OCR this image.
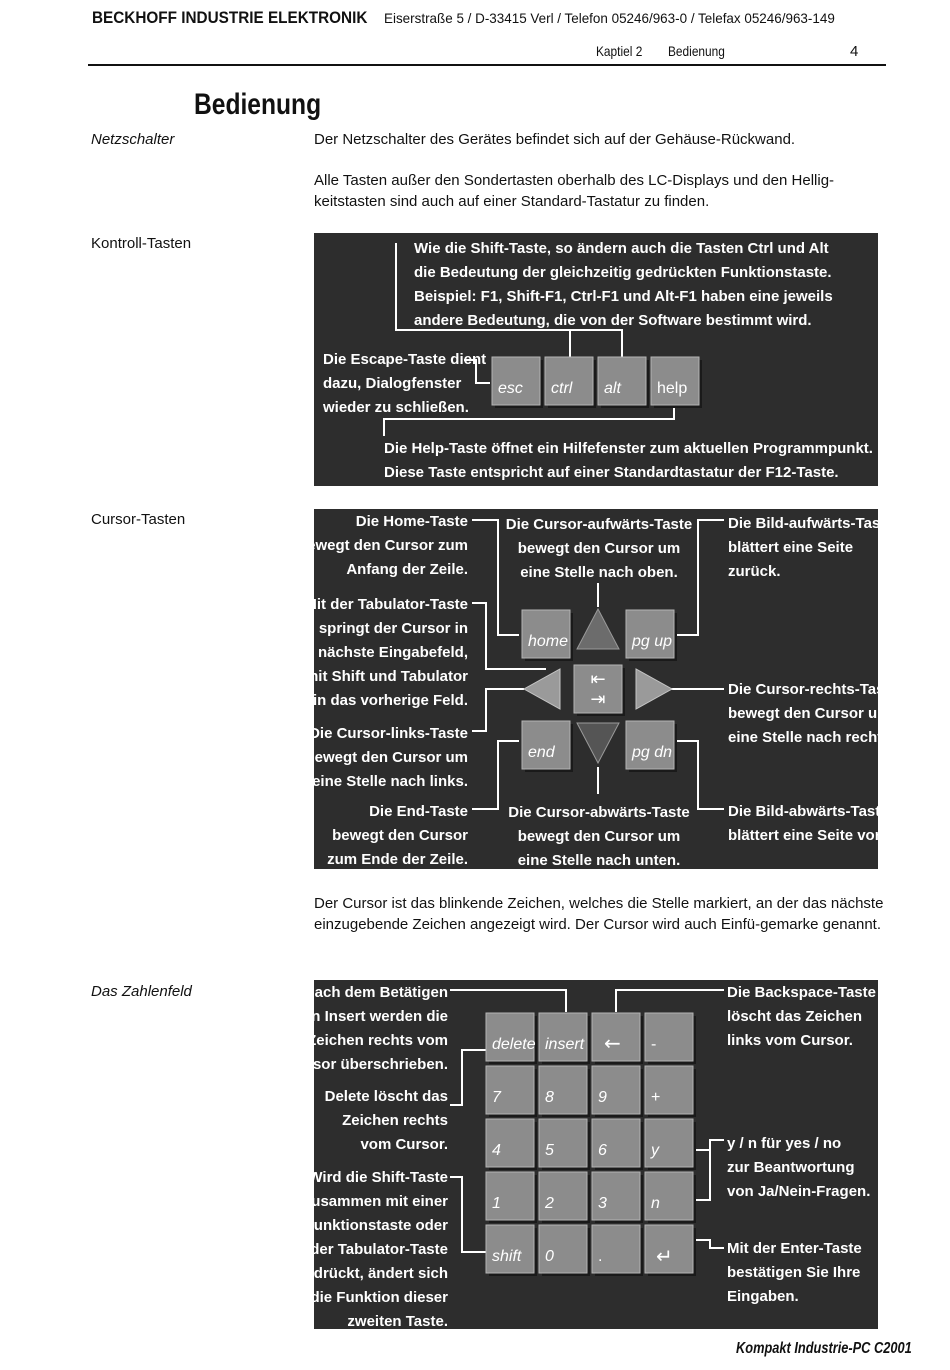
BECKHOFF INDUSTRIE ELEKTRONIK Eiserstraße 5 / D-33415 Verl / Telefon 05246/963-0 / Telefax 05246/963-149
Kaptiel 2 Bedienung	4
Bedienung
Netzschalter	Der Netzschalter des Gerätes befindet sich auf der Gehäuse-Rückwand.
Alle Tasten außer den Sondertasten oberhalb des LC-Displays und den Hellig-keitstasten sind auch auf einer Standard-Tastatur zu finden.
Kontroll-Tasten	Wie die Shift-Taste, so ändern auch die Tasten Ctrl und Alt die Bedeutung der gleichzeitig gedrückten Funktionstaste. Beispiel: F1, Shift-F1, Ctrl-F1 und Alt-F1 haben eine jeweils andere Bedeutung, die von der Software bestimmt wird.
Die Escape-Taste dient dazu, Dialogfenster wieder zu schließen.
Die Help-Taste öffnet ein Hilfefenster zum aktuellen Programmpunkt. Diese Taste entspricht auf einer Standardtastatur der F12-Taste.
esc ctrl alt help
Cursor-Tasten	Die Home-Taste bewegt den Cursor zum Anfang der Zeile.
Mit der Tabulator-Taste springt der Cursor in das nächste Eingabefeld, mit Shift und Tabulator in das vorherige Feld.
Die Cursor-links-Taste bewegt den Cursor um eine Stelle nach links.
Die End-Taste bewegt den Cursor zum Ende der Zeile.
Die Cursor-aufwärts-Taste bewegt den Cursor um eine Stelle nach oben.
Die Cursor-abwärts-Taste bewegt den Cursor um eine Stelle nach unten.
Die Bild-aufwärts-Taste blättert eine Seite zurück.
Die Cursor-rechts-Taste bewegt den Cursor um eine Stelle nach rechts.
Die Bild-abwärts-Taste blättert eine Seite vor.
home	pg up
end	pg dn
⇤
⇥
Der Cursor ist das blinkende Zeichen, welches die Stelle markiert, an der das nächste einzugebende Zeichen angezeigt wird. Der Cursor wird auch Einfü-gemarke genannt.
Das Zahlenfeld	Nach dem Betätigen von Insert werden die Zeichen rechts vom Cursor überschrieben.
Delete löscht das Zeichen rechts vom Cursor.
Wird die Shift-Taste zusammen mit einer Funktionstaste oder der Tabulator-Taste gedrückt, ändert sich die Funktion dieser zweiten Taste.
Die Backspace-Taste löscht das Zeichen links vom Cursor.
y / n für yes / no zur Beantwortung von Ja/Nein-Fragen.
Mit der Enter-Taste bestätigen Sie Ihre Eingaben.
delete insert	-
7	8	9	+
4	5	6	y
1	2	3	n
shift 0	.
←
↵
Kompakt Industrie-PC C2001
